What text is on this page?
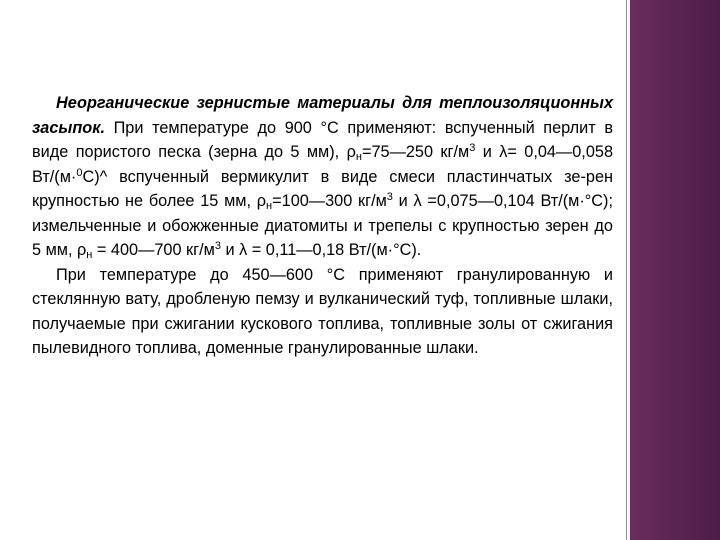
Неорганические зернистые материалы для теплоизоляционных засыпок. При температуре до 900 °С применяют: вспученный перлит в виде пористого песка (зерна до 5 мм), $\rho_н=75—250$ $кг/м^3$ и λ= 0,04—0,058 Вт/(м·$^0$С)^ вспученный вермикулит в виде смеси пластинчатых зе-рен крупностью не более 15 мм, $\rho_н=100—300$ $кг/м^3$ и λ =0,075—0,104 Вт/(м·°С); измельченные и обожженные диатомиты и трепелы с крупностью зерен до 5 мм, $\rho_н$ = 400—700 $кг/м^3$ и λ = 0,11—0,18 Вт/(м·°С).

При температуре до 450—600 °С применяют гранулированную и стеклянную вату, дробленую пемзу и вулканический туф, топливные шлаки, получаемые при сжигании кускового топлива, топливные золы от сжигания пылевидного топлива, доменные гранулированные шлаки.
